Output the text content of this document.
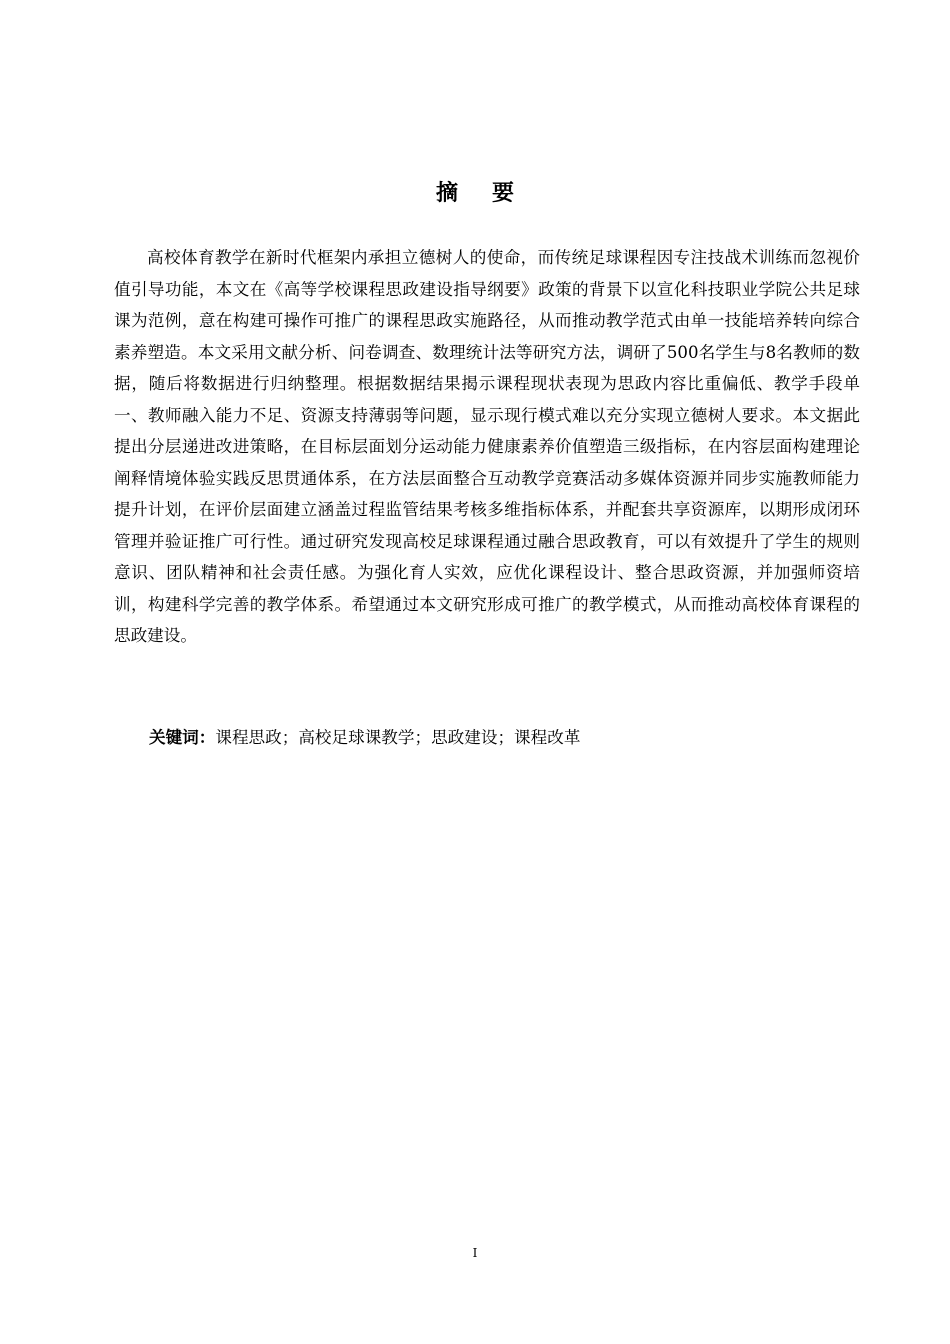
摘要

高校体育教学在新时代框架内承担立德树人的使命，而传统足球课程因专注技战术训练而忽视价值引导功能，本文在《高等学校课程思政建设指导纲要》政策的背景下以宣化科技职业学院公共足球课为范例，意在构建可操作可推广的课程思政实施路径，从而推动教学范式由单一技能培养转向综合素养塑造。本文采用文献分析、问卷调查、数理统计法等研究方法，调研了500名学生与8名教师的数据，随后将数据进行归纳整理。根据数据结果揭示课程现状表现为思政内容比重偏低、教学手段单一、教师融入能力不足、资源支持薄弱等问题，显示现行模式难以充分实现立德树人要求。本文据此提出分层递进改进策略，在目标层面划分运动能力健康素养价值塑造三级指标，在内容层面构建理论阐释情境体验实践反思贯通体系，在方法层面整合互动教学竞赛活动多媒体资源并同步实施教师能力提升计划，在评价层面建立涵盖过程监管结果考核多维指标体系，并配套共享资源库，以期形成闭环管理并验证推广可行性。通过研究发现高校足球课程通过融合思政教育，可以有效提升了学生的规则意识、团队精神和社会责任感。为强化育人实效，应优化课程设计、整合思政资源，并加强师资培训，构建科学完善的教学体系。希望通过本文研究形成可推广的教学模式，从而推动高校体育课程的思政建设。

关键词：课程思政；高校足球课教学；思政建设；课程改革

I
